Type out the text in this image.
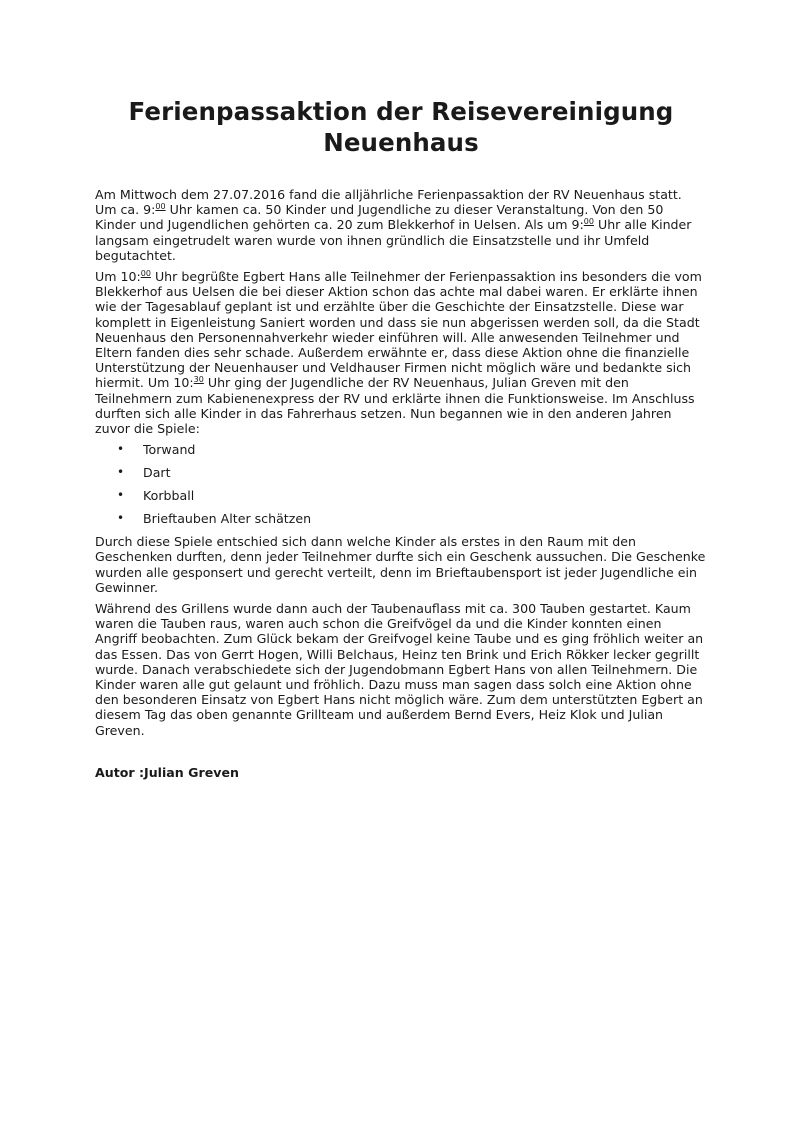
Ferienpassaktion der Reisevereinigung Neuenhaus

Am Mittwoch dem 27.07.2016 fand die alljährliche Ferienpassaktion der RV Neuenhaus statt. Um ca. 9:$^{00}$ Uhr kamen ca. 50 Kinder und Jugendliche zu dieser Veranstaltung. Von den 50 Kinder und Jugendlichen gehörten ca. 20 zum Blekkerhof in Uelsen. Als um 9:$^{00}$ Uhr alle Kinder langsam eingetrudelt waren wurde von ihnen gründlich die Einsatzstelle und ihr Umfeld begutachtet.

Um 10:$^{00}$ Uhr begrüßte Egbert Hans alle Teilnehmer der Ferienpassaktion ins besonders die vom Blekkerhof aus Uelsen die bei dieser Aktion schon das achte mal dabei waren. Er erklärte ihnen wie der Tagesablauf geplant ist und erzählte über die Geschichte der Einsatzstelle. Diese war komplett in Eigenleistung Saniert worden und dass sie nun abgerissen werden soll, da die Stadt Neuenhaus den Personennahverkehr wieder einführen will. Alle anwesenden Teilnehmer und Eltern fanden dies sehr schade. Außerdem erwähnte er, dass diese Aktion ohne die finanzielle Unterstützung der Neuenhauser und Veldhauser Firmen nicht möglich wäre und bedankte sich hiermit. Um 10:$^{30}$ Uhr ging der Jugendliche der RV Neuenhaus, Julian Greven mit den Teilnehmern zum Kabienenexpress der RV und erklärte ihnen die Funktionsweise. Im Anschluss durften sich alle Kinder in das Fahrerhaus setzen. Nun begannen wie in den anderen Jahren zuvor die Spiele:

• Torwand
• Dart
• Korbball
• Brieftauben Alter schätzen

Durch diese Spiele entschied sich dann welche Kinder als erstes in den Raum mit den Geschenken durften, denn jeder Teilnehmer durfte sich ein Geschenk aussuchen. Die Geschenke wurden alle gesponsert und gerecht verteilt, denn im Brieftaubensport ist jeder Jugendliche ein Gewinner.

Während des Grillens wurde dann auch der Taubenauflass mit ca. 300 Tauben gestartet. Kaum waren die Tauben raus, waren auch schon die Greifvögel da und die Kinder konnten einen Angriff beobachten. Zum Glück bekam der Greifvogel keine Taube und es ging fröhlich weiter an das Essen. Das von Gerrt Hogen, Willi Belchaus, Heinz ten Brink und Erich Rökker lecker gegrillt wurde. Danach verabschiedete sich der Jugendobmann Egbert Hans von allen Teilnehmern. Die Kinder waren alle gut gelaunt und fröhlich. Dazu muss man sagen dass solch eine Aktion ohne den besonderen Einsatz von Egbert Hans nicht möglich wäre. Zum dem unterstützten Egbert an diesem Tag das oben genannte Grillteam und außerdem Bernd Evers, Heiz Klok und Julian Greven.

Autor :Julian Greven
